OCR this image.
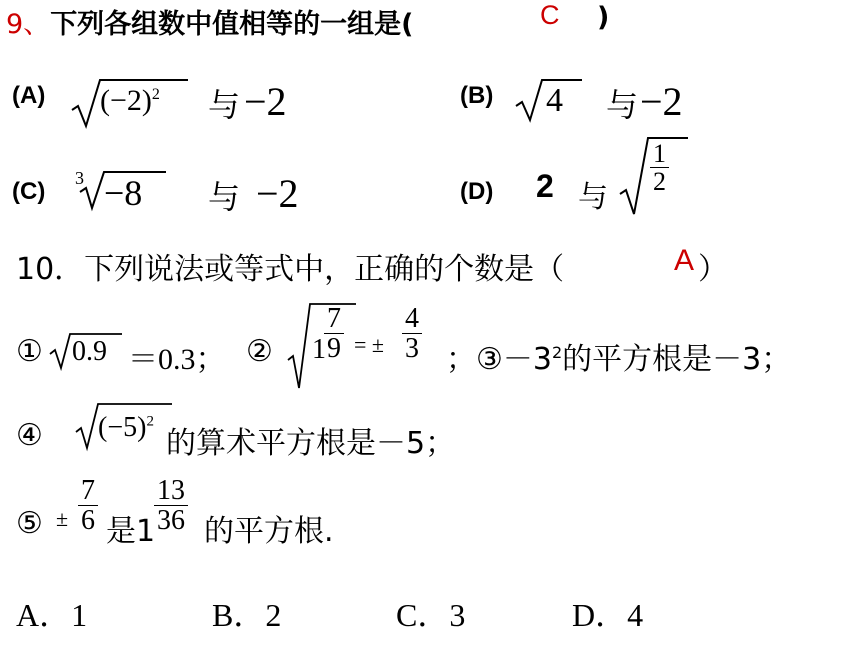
9、下列各组数中值相等的一组是(	C )
(A) $(-2)^2$ 与 −2	(B) 4 与 −2
(C) 3 −8 与 −2	(D) 2 与
$\frac{1}{2}$
10．下列说法或等式中，正确的个数是（	A ）
① 0.9 ＝0.3； ② 1
$\frac{7}{9}$ = ± $\frac{4}{3}$ ；$③-3^2$的平方根是－3；
④ $(-5)^2$
的算术平方根是－5；
⑤ ± $\frac{7}{6}$ 是1
$\frac{13}{36}$ 的平方根.
A．1	B．2	C．3	D．4
